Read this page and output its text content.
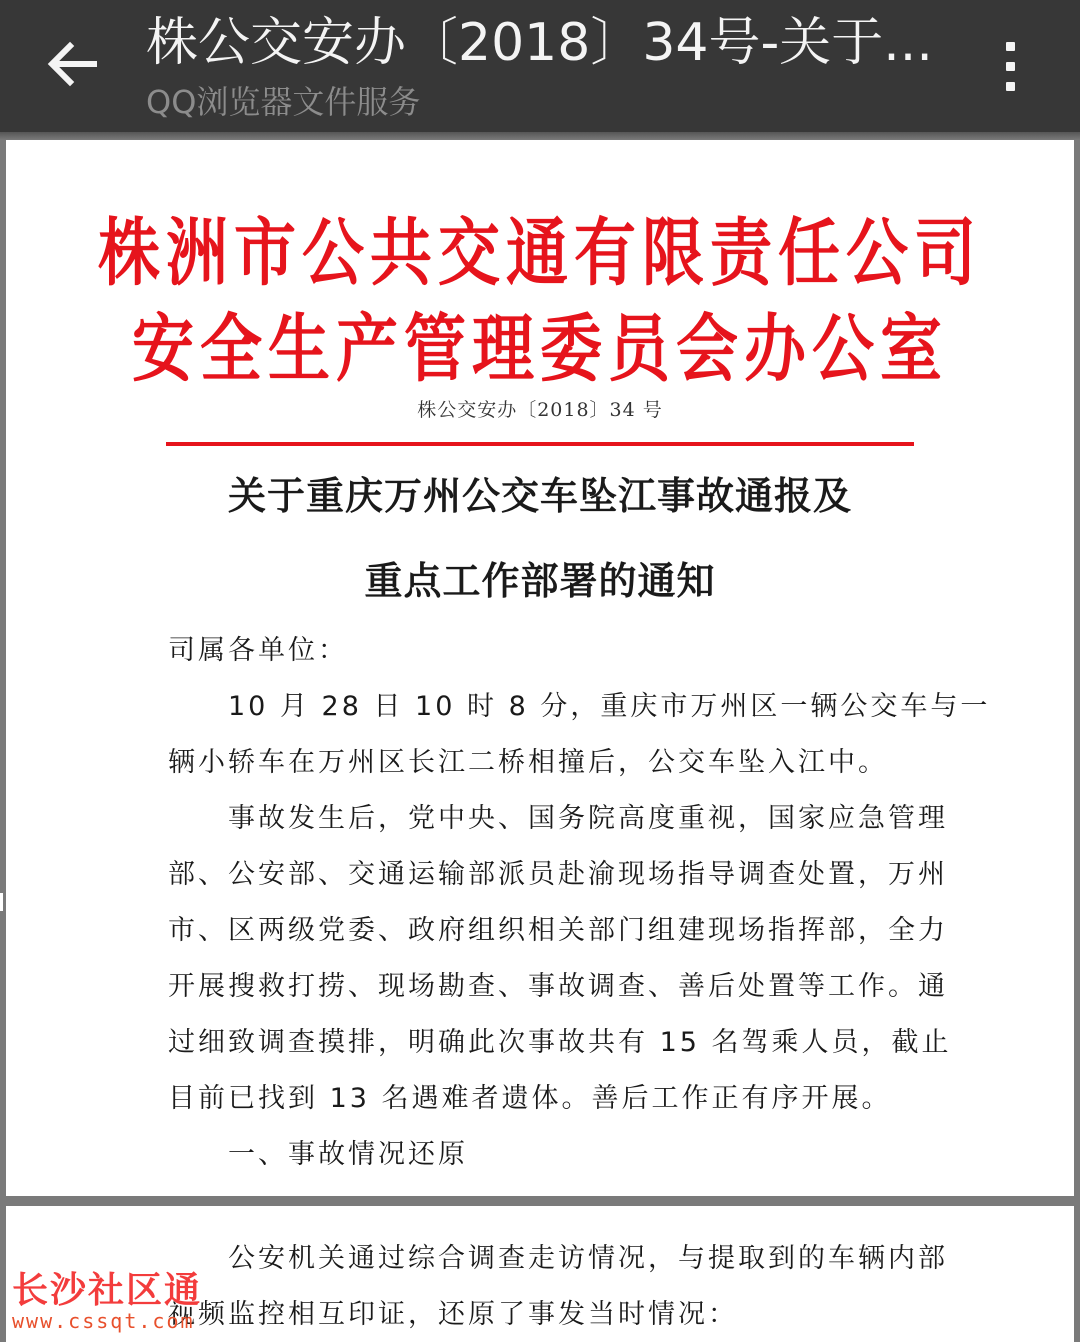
株公交安办〔2018〕34号-关于...
QQ浏览器文件服务
株洲市公共交通有限责任公司
安全生产管理委员会办公室
株公交安办〔2018〕34 号
关于重庆万州公交车坠江事故通报及
重点工作部署的通知
司属各单位：
　　10 月 28 日 10 时 8 分，重庆市万州区一辆公交车与一
辆小轿车在万州区长江二桥相撞后，公交车坠入江中。
　　事故发生后，党中央、国务院高度重视，国家应急管理
部、公安部、交通运输部派员赴渝现场指导调查处置，万州
市、区两级党委、政府组织相关部门组建现场指挥部，全力
开展搜救打捞、现场勘查、事故调查、善后处置等工作。通
过细致调查摸排，明确此次事故共有 15 名驾乘人员，截止
目前已找到 13 名遇难者遗体。善后工作正有序开展。
　　一、事故情况还原
　　公安机关通过综合调查走访情况，与提取到的车辆内部
视频监控相互印证，还原了事发当时情况：
长沙社区通
www.cssqt.com
